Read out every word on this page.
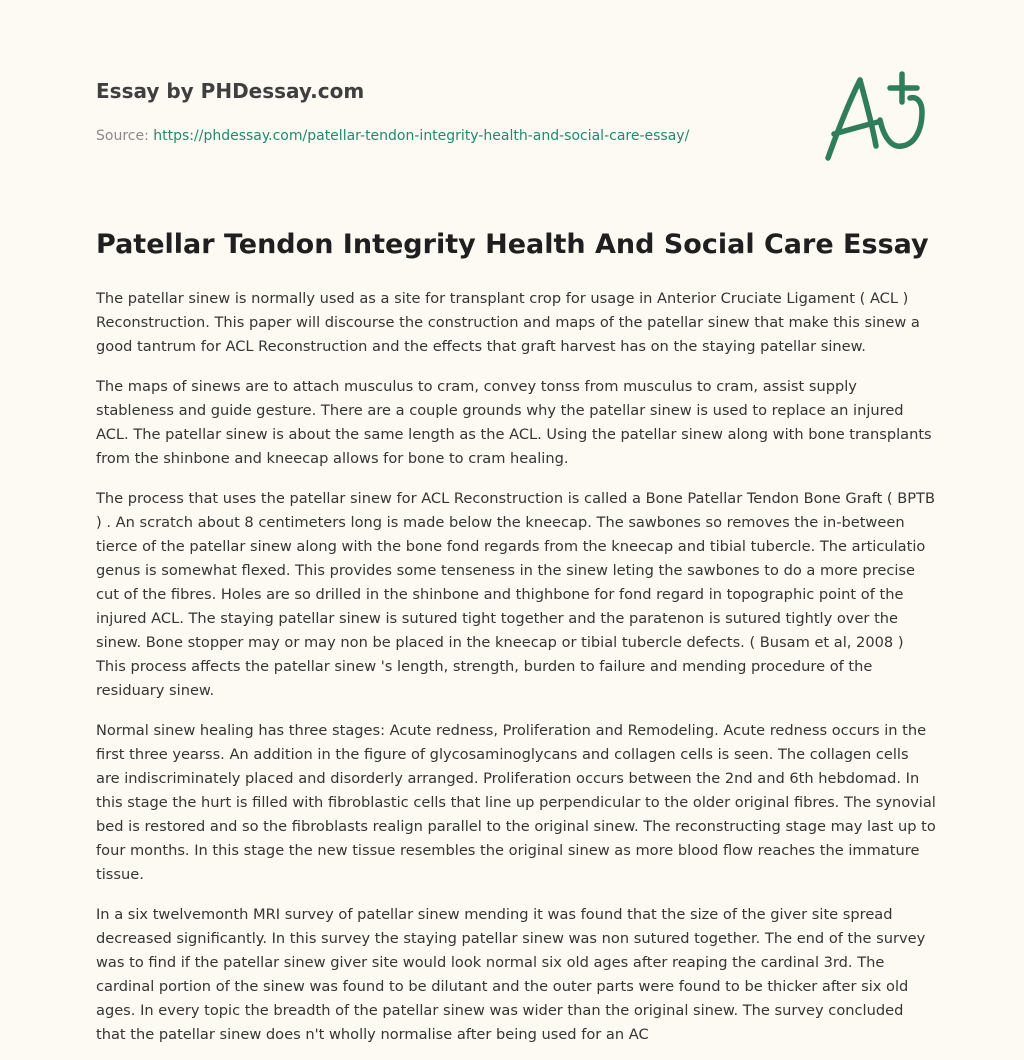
Essay by PHDessay.com
Source: https://phdessay.com/patellar-tendon-integrity-health-and-social-care-essay/
Patellar Tendon Integrity Health And Social Care Essay

The patellar sinew is normally used as a site for transplant crop for usage in Anterior Cruciate Ligament ( ACL ) Reconstruction. This paper will discourse the construction and maps of the patellar sinew that make this sinew a good tantrum for ACL Reconstruction and the effects that graft harvest has on the staying patellar sinew.

The maps of sinews are to attach musculus to cram, convey tonss from musculus to cram, assist supply stableness and guide gesture. There are a couple grounds why the patellar sinew is used to replace an injured ACL. The patellar sinew is about the same length as the ACL. Using the patellar sinew along with bone transplants from the shinbone and kneecap allows for bone to cram healing.

The process that uses the patellar sinew for ACL Reconstruction is called a Bone Patellar Tendon Bone Graft ( BPTB ) . An scratch about 8 centimeters long is made below the kneecap. The sawbones so removes the in-between tierce of the patellar sinew along with the bone fond regards from the kneecap and tibial tubercle. The articulatio genus is somewhat flexed. This provides some tenseness in the sinew leting the sawbones to do a more precise cut of the fibres. Holes are so drilled in the shinbone and thighbone for fond regard in topographic point of the injured ACL. The staying patellar sinew is sutured tight together and the paratenon is sutured tightly over the sinew. Bone stopper may or may non be placed in the kneecap or tibial tubercle defects. ( Busam et al, 2008 ) This process affects the patellar sinew 's length, strength, burden to failure and mending procedure of the residuary sinew.

Normal sinew healing has three stages: Acute redness, Proliferation and Remodeling. Acute redness occurs in the first three yearss. An addition in the figure of glycosaminoglycans and collagen cells is seen. The collagen cells are indiscriminately placed and disorderly arranged. Proliferation occurs between the 2nd and 6th hebdomad. In this stage the hurt is filled with fibroblastic cells that line up perpendicular to the older original fibres. The synovial bed is restored and so the fibroblasts realign parallel to the original sinew. The reconstructing stage may last up to four months. In this stage the new tissue resembles the original sinew as more blood flow reaches the immature tissue.

In a six twelvemonth MRI survey of patellar sinew mending it was found that the size of the giver site spread decreased significantly. In this survey the staying patellar sinew was non sutured together. The end of the survey was to find if the patellar sinew giver site would look normal six old ages after reaping the cardinal 3rd. The cardinal portion of the sinew was found to be dilutant and the outer parts were found to be thicker after six old ages. In every topic the breadth of the patellar sinew was wider than the original sinew. The survey concluded that the patellar sinew does n't wholly normalise after being used for an AC
